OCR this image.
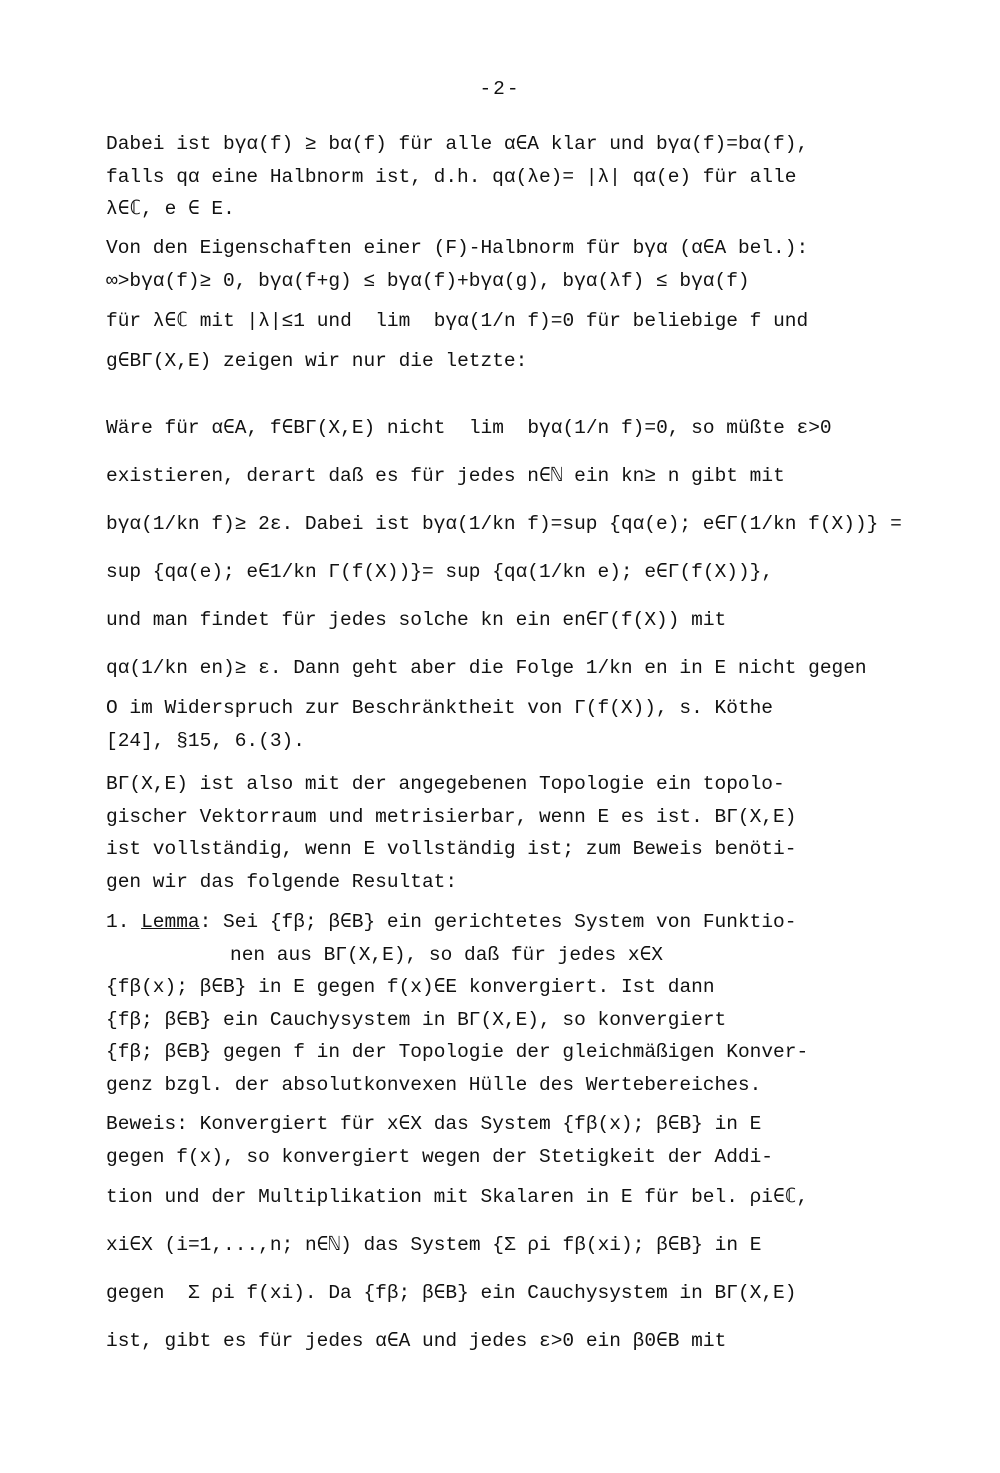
-2-
Dabei ist bγα(f) ≥ bα(f) für alle α∈A klar und bγα(f)=bα(f),
falls qα eine Halbnorm ist, d.h. qα(λe)= |λ| qα(e) für alle
λ∈ℂ, e ∈ E.
Von den Eigenschaften einer (F)-Halbnorm für bγα (α∈A bel.):
∞>bγα(f)≥ 0, bγα(f+g) ≤ bγα(f)+bγα(g), bγα(λf) ≤ bγα(f)
für λ∈ℂ mit |λ|≤1 und  lim  bγα(1/n f)=0 für beliebige f und
g∈BΓ(X,E) zeigen wir nur die letzte:
Wäre für α∈A, f∈BΓ(X,E) nicht  lim  bγα(1/n f)=0, so müßte ε>0
existieren, derart daß es für jedes n∈ℕ ein kn≥ n gibt mit
bγα(1/kn f)≥ 2ε. Dabei ist bγα(1/kn f)=sup {qα(e); e∈Γ(1/kn f(X))} =
sup {qα(e); e∈1/kn Γ(f(X))}= sup {qα(1/kn e); e∈Γ(f(X))},
und man findet für jedes solche kn ein en∈Γ(f(X)) mit
qα(1/kn en)≥ ε. Dann geht aber die Folge 1/kn en in E nicht gegen
O im Widerspruch zur Beschränktheit von Γ(f(X)), s. Köthe
[24], §15, 6.(3).
BΓ(X,E) ist also mit der angegebenen Topologie ein topolo-
gischer Vektorraum und metrisierbar, wenn E es ist. BΓ(X,E)
ist vollständig, wenn E vollständig ist; zum Beweis benöti-
gen wir das folgende Resultat:
1. Lemma: Sei {fβ; β∈B} ein gerichtetes System von Funktio-
nen aus BΓ(X,E), so daß für jedes x∈X
{fβ(x); β∈B} in E gegen f(x)∈E konvergiert. Ist dann
{fβ; β∈B} ein Cauchysystem in BΓ(X,E), so konvergiert
{fβ; β∈B} gegen f in der Topologie der gleichmäßigen Konver-
genz bzgl. der absolutkonvexen Hülle des Wertebereiches.
Beweis: Konvergiert für x∈X das System {fβ(x); β∈B} in E
gegen f(x), so konvergiert wegen der Stetigkeit der Addi-
tion und der Multiplikation mit Skalaren in E für bel. ρi∈ℂ,
xi∈X (i=1,...,n; n∈ℕ) das System {Σ ρi fβ(xi); β∈B} in E
gegen  Σ ρi f(xi). Da {fβ; β∈B} ein Cauchysystem in BΓ(X,E)
ist, gibt es für jedes α∈A und jedes ε>0 ein β0∈B mit
